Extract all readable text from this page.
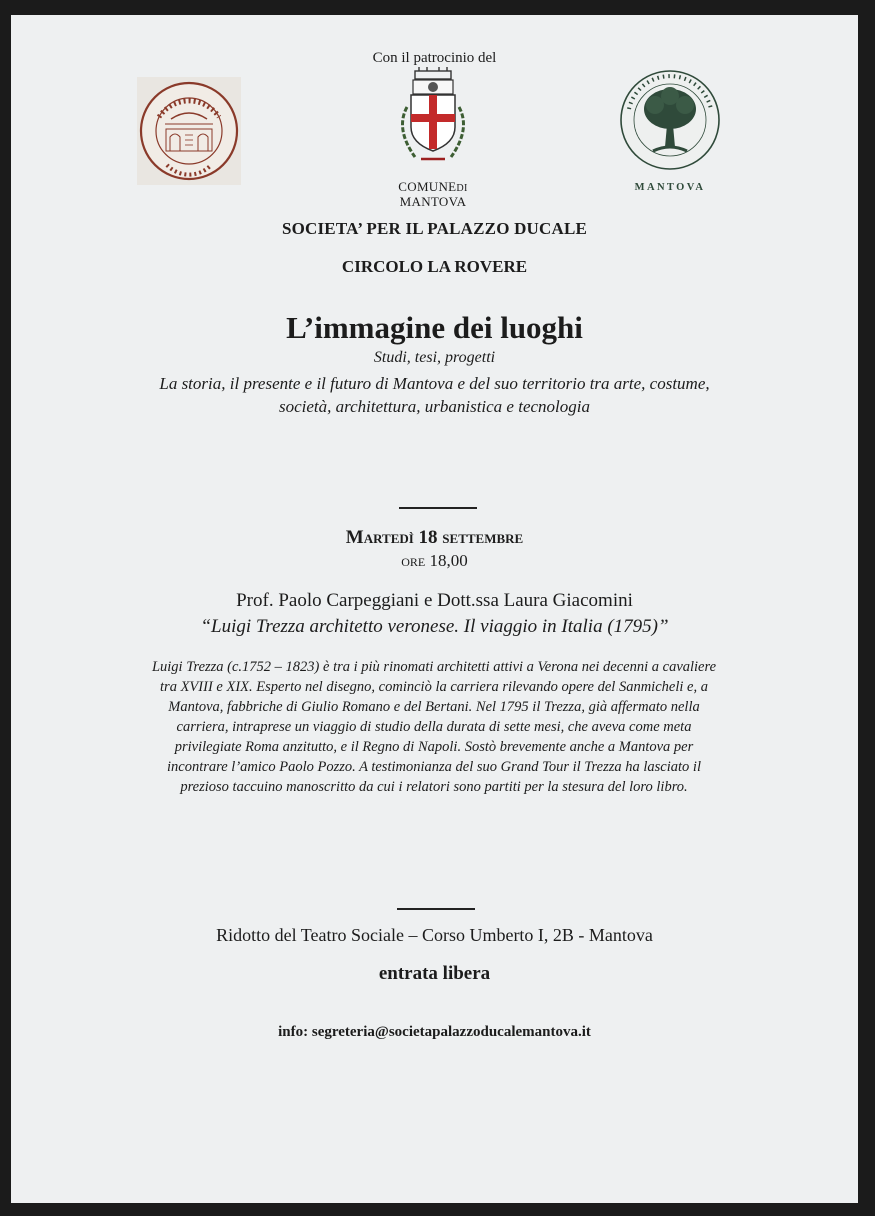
Con il patrocinio del
COMUNEDI
MANTOVA
MANTOVA
SOCIETA’ PER IL PALAZZO DUCALE
CIRCOLO LA ROVERE
L’immagine dei luoghi
Studi, tesi, progetti
La storia, il presente e il futuro di Mantova e del suo territorio tra arte, costume,
società, architettura, urbanistica e tecnologia
Martedì 18 settembre
ore 18,00
Prof. Paolo Carpeggiani e Dott.ssa Laura Giacomini
“Luigi Trezza architetto veronese. Il viaggio in Italia (1795)”
Luigi Trezza (c.1752 – 1823) è tra i più rinomati architetti attivi a Verona nei decenni a cavaliere
tra XVIII e XIX. Esperto nel disegno, cominciò la carriera rilevando opere del Sanmicheli e, a
Mantova, fabbriche di Giulio Romano e del Bertani. Nel 1795 il Trezza, già affermato nella
carriera, intraprese un viaggio di studio della durata di sette mesi, che aveva come meta
privilegiate Roma anzitutto, e il Regno di Napoli. Sostò brevemente anche a Mantova per
incontrare l’amico Paolo Pozzo. A testimonianza del suo Grand Tour il Trezza ha lasciato il
prezioso taccuino manoscritto da cui i relatori sono partiti per la stesura del loro libro.
Ridotto del Teatro Sociale – Corso Umberto I, 2B - Mantova
entrata libera
info: segreteria@societapalazzoducalemantova.it
